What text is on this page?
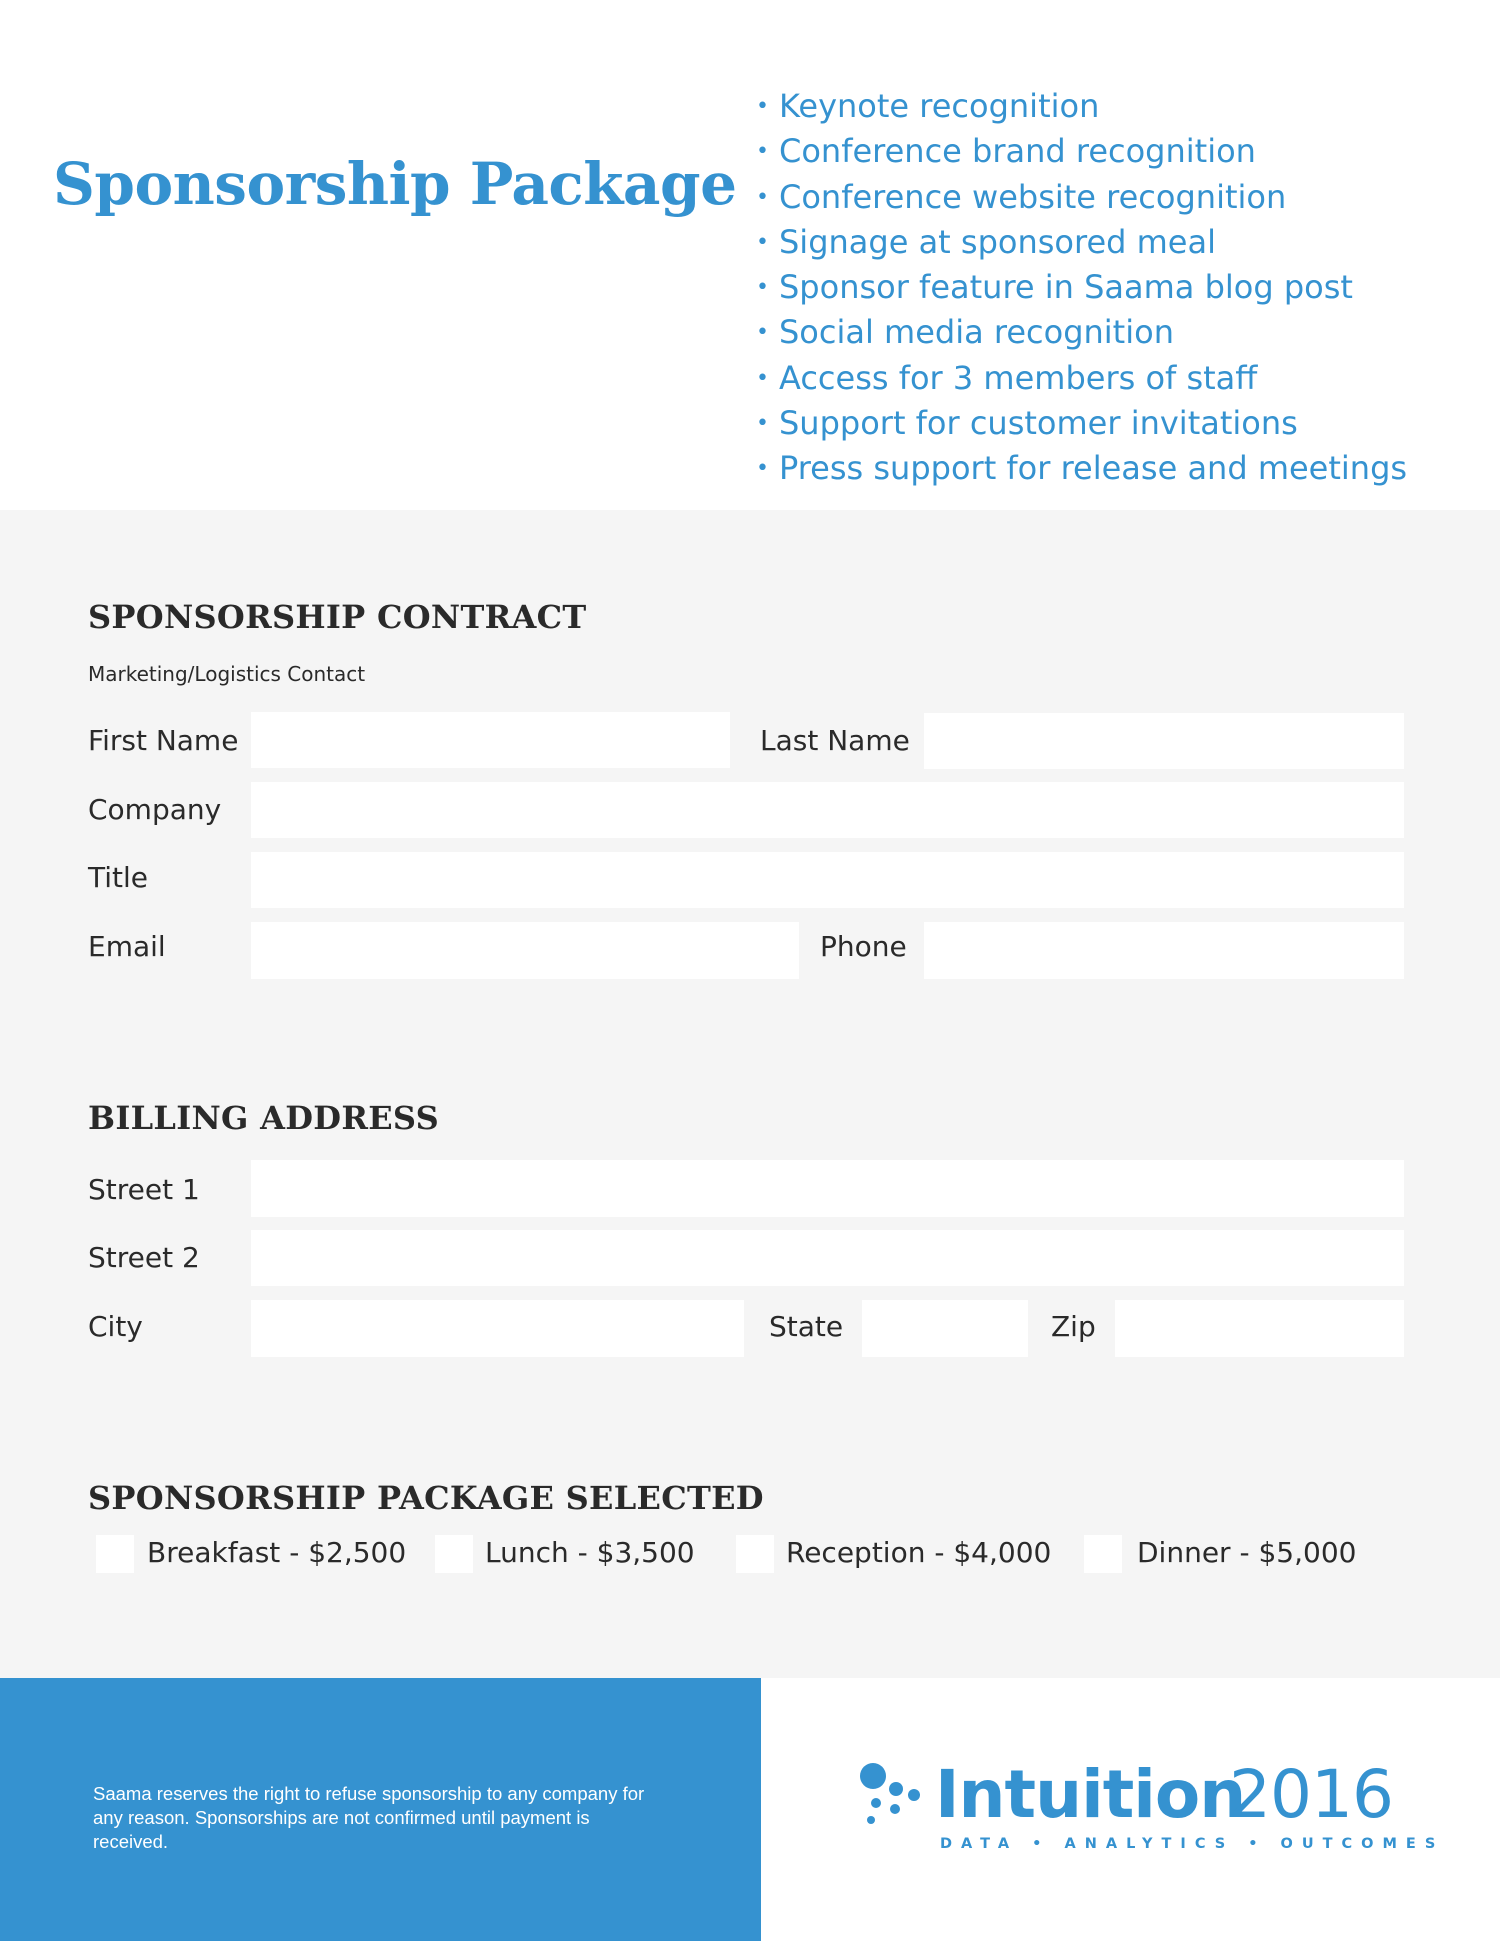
Sponsorship Package
• Keynote recognition
• Conference brand recognition
• Conference website recognition
• Signage at sponsored meal
• Sponsor feature in Saama blog post
• Social media recognition
• Access for 3 members of staff
• Support for customer invitations
• Press support for release and meetings
SPONSORSHIP CONTRACT
Marketing/Logistics Contact
First Name	Last Name
Company
Title
Email	Phone
BILLING ADDRESS
Street 1
Street 2
City	State	Zip
SPONSORSHIP PACKAGE SELECTED
Breakfast - $2,500	Lunch - $3,500	Reception - $4,000	Dinner - $5,000
Saama reserves the right to refuse sponsorship to any company for any reason. Sponsorships are not confirmed until payment is received.
Intuition
2016
DATA • ANALYTICS • OUTCOMES
